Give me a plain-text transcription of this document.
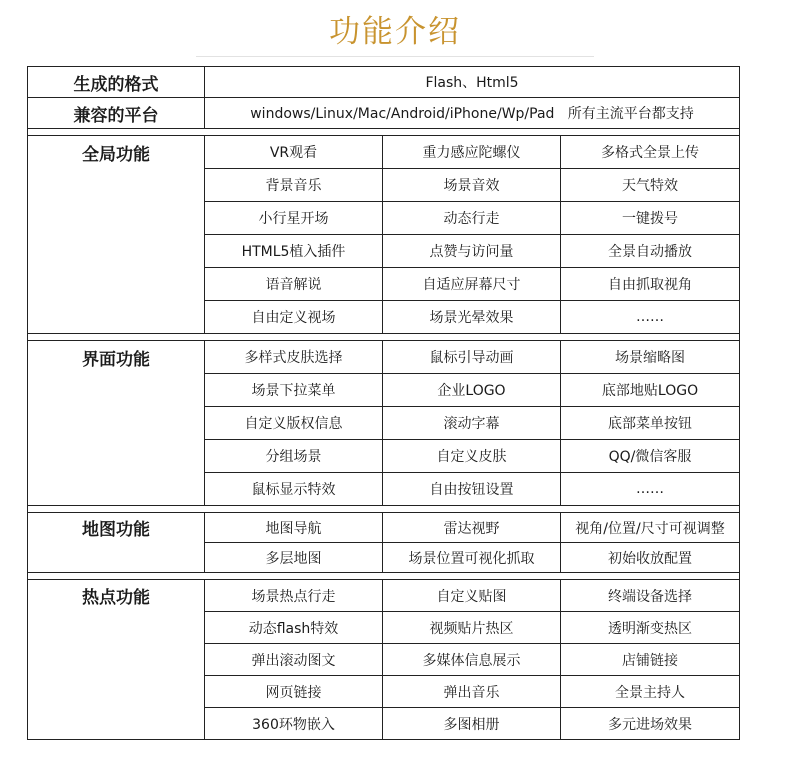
功能介绍
生成的格式	Flash、Html5		
兼容的平台	windows/Linux/Mac/Android/iPhone/Wp/Pad   所有主流平台都支持		

全局功能	VR观看	重力感应陀螺仪	多格式全景上传
	背景音乐	场景音效	天气特效
	小行星开场	动态行走	一键拨号
	HTML5植入插件	点赞与访问量	全景自动播放
	语音解说	自适应屏幕尺寸	自由抓取视角
	自由定义视场	场景光晕效果	……

界面功能	多样式皮肤选择	鼠标引导动画	场景缩略图
	场景下拉菜单	企业LOGO	底部地贴LOGO
	自定义版权信息	滚动字幕	底部菜单按钮
	分组场景	自定义皮肤	QQ/微信客服
	鼠标显示特效	自由按钮设置	……

地图功能	地图导航	雷达视野	视角/位置/尺寸可视调整
	多层地图	场景位置可视化抓取	初始收放配置

热点功能	场景热点行走	自定义贴图	终端设备选择
	动态flash特效	视频贴片热区	透明渐变热区
	弹出滚动图文	多媒体信息展示	店铺链接
	网页链接	弹出音乐	全景主持人
	360环物嵌入	多图相册	多元进场效果
